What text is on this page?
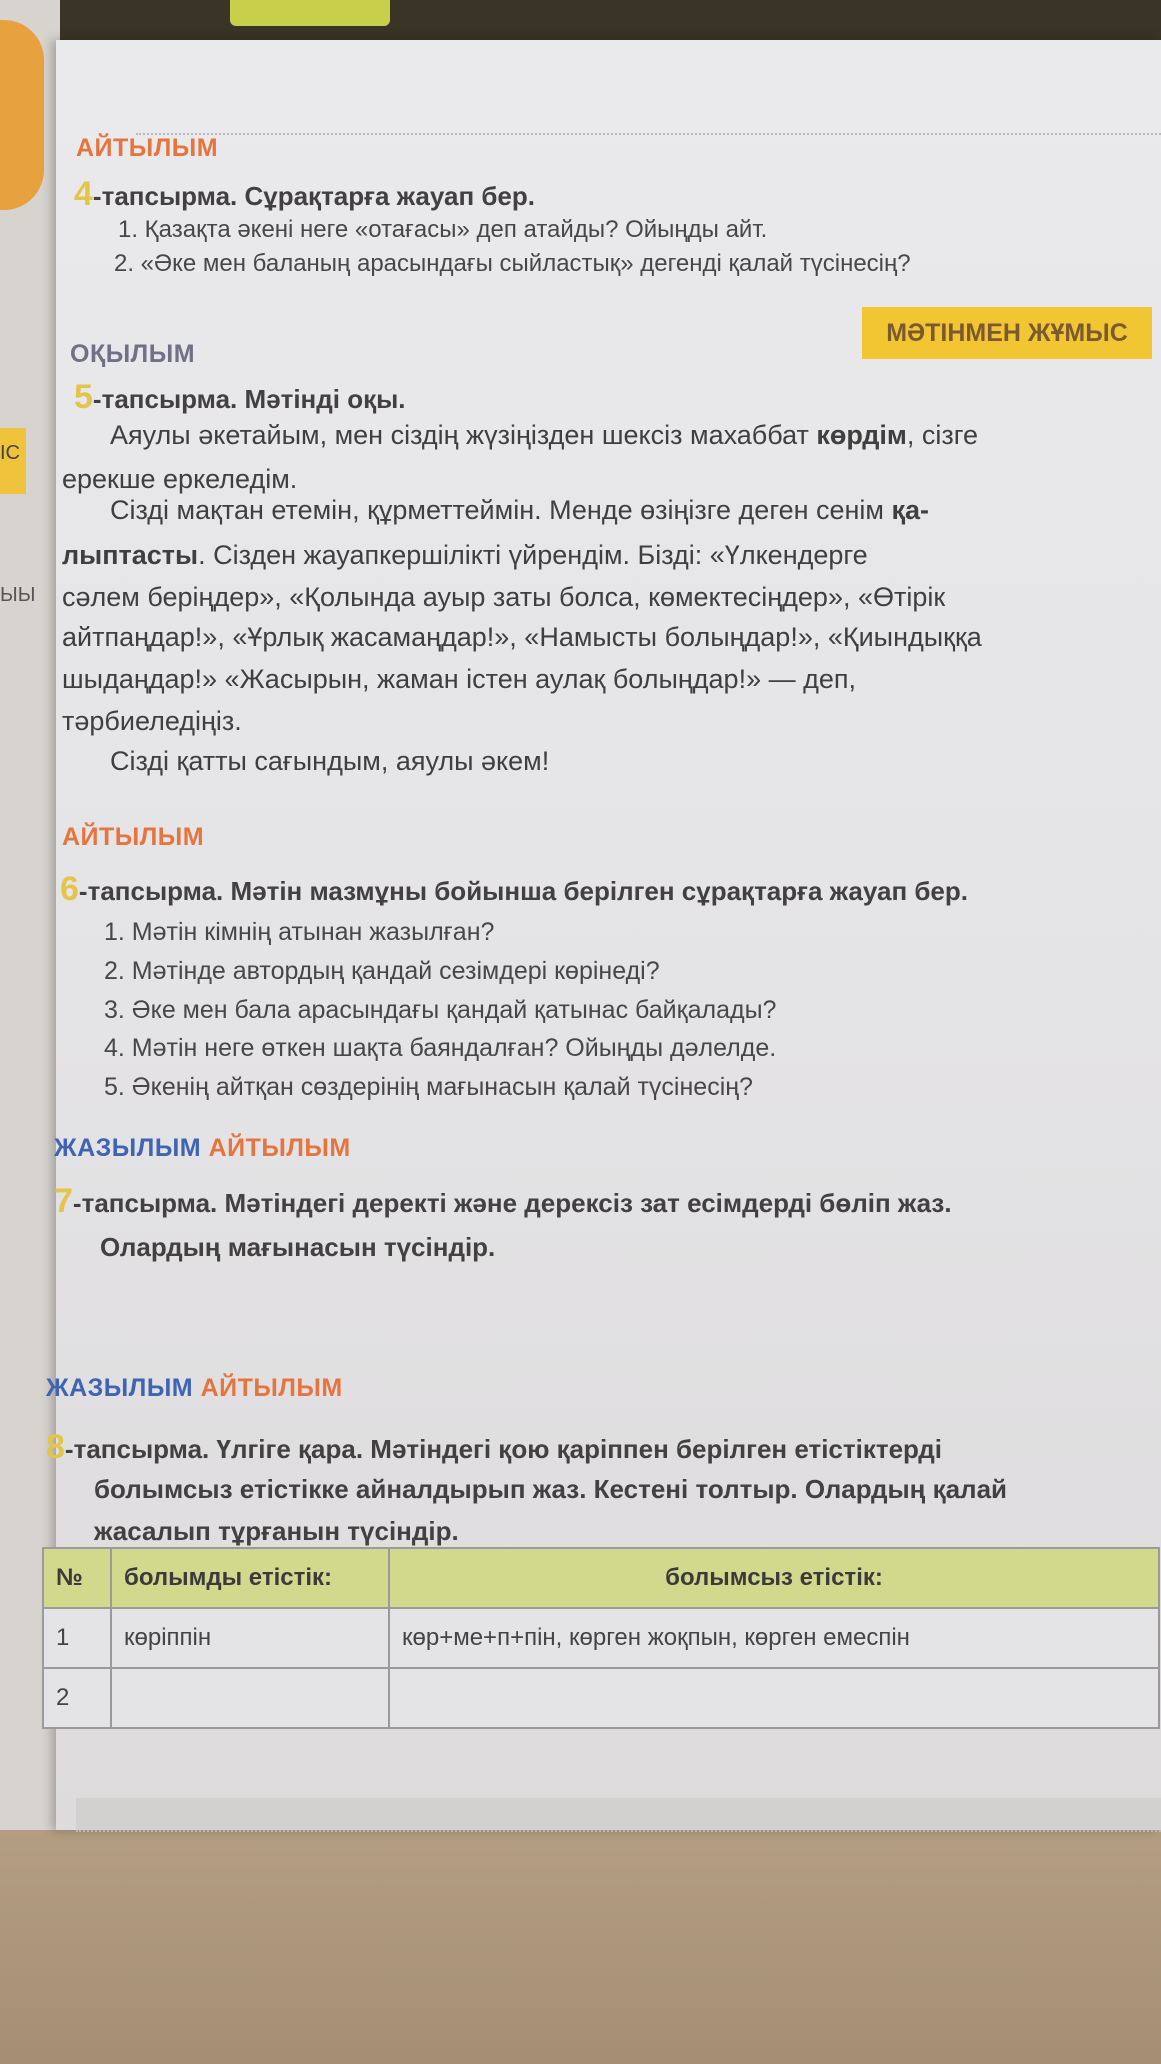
ІС
ЫЫ
АЙТЫЛЫМ
4-тапсырма. Сұрақтарға жауап бер.
1. Қазақта әкені неге «отағасы» деп атайды? Ойыңды айт.
2. «Әке мен баланың арасындағы сыйластық» дегенді қалай түсінесің?
МӘТІНМЕН ЖҰМЫС
ОҚЫЛЫМ
5-тапсырма. Мәтінді оқы.
Аяулы әкетайым, мен сіздің жүзіңізден шексіз махаббат көрдім, сізге
ерекше еркеледім.
Сізді мақтан етемін, құрметтеймін. Менде өзіңізге деген сенім қа-
лыптасты. Сізден жауапкершілікті үйрендім. Бізді: «Үлкендерге
сәлем беріңдер», «Қолында ауыр заты болса, көмектесіңдер», «Өтірік
айтпаңдар!», «Ұрлық жасамаңдар!», «Намысты болыңдар!», «Қиындыққа
шыдаңдар!» «Жасырын, жаман істен аулақ болыңдар!» — деп,
тәрбиеледіңіз.
Сізді қатты сағындым, аяулы әкем!
АЙТЫЛЫМ
6-тапсырма. Мәтін мазмұны бойынша берілген сұрақтарға жауап бер.
1. Мәтін кімнің атынан жазылған?
2. Мәтінде автордың қандай сезімдері көрінеді?
3. Әке мен бала арасындағы қандай қатынас байқалады?
4. Мәтін неге өткен шақта баяндалған? Ойыңды дәлелде.
5. Әкенің айтқан сөздерінің мағынасын қалай түсінесің?
ЖАЗЫЛЫМ АЙТЫЛЫМ
7-тапсырма. Мәтіндегі деректі және дерексіз зат есімдерді бөліп жаз.
Олардың мағынасын түсіндір.
ЖАЗЫЛЫМ АЙТЫЛЫМ
8-тапсырма. Үлгіге қара. Мәтіндегі қою қаріппен берілген етістіктерді
болымсыз етістікке айналдырып жаз. Кестені толтыр. Олардың қалай
жасалып тұрғанын түсіндір.
№	болымды етістік:	болымсыз етістік:
1	көріппін	көр+ме+п+пін, көрген жоқпын, көрген емеспін
2		
